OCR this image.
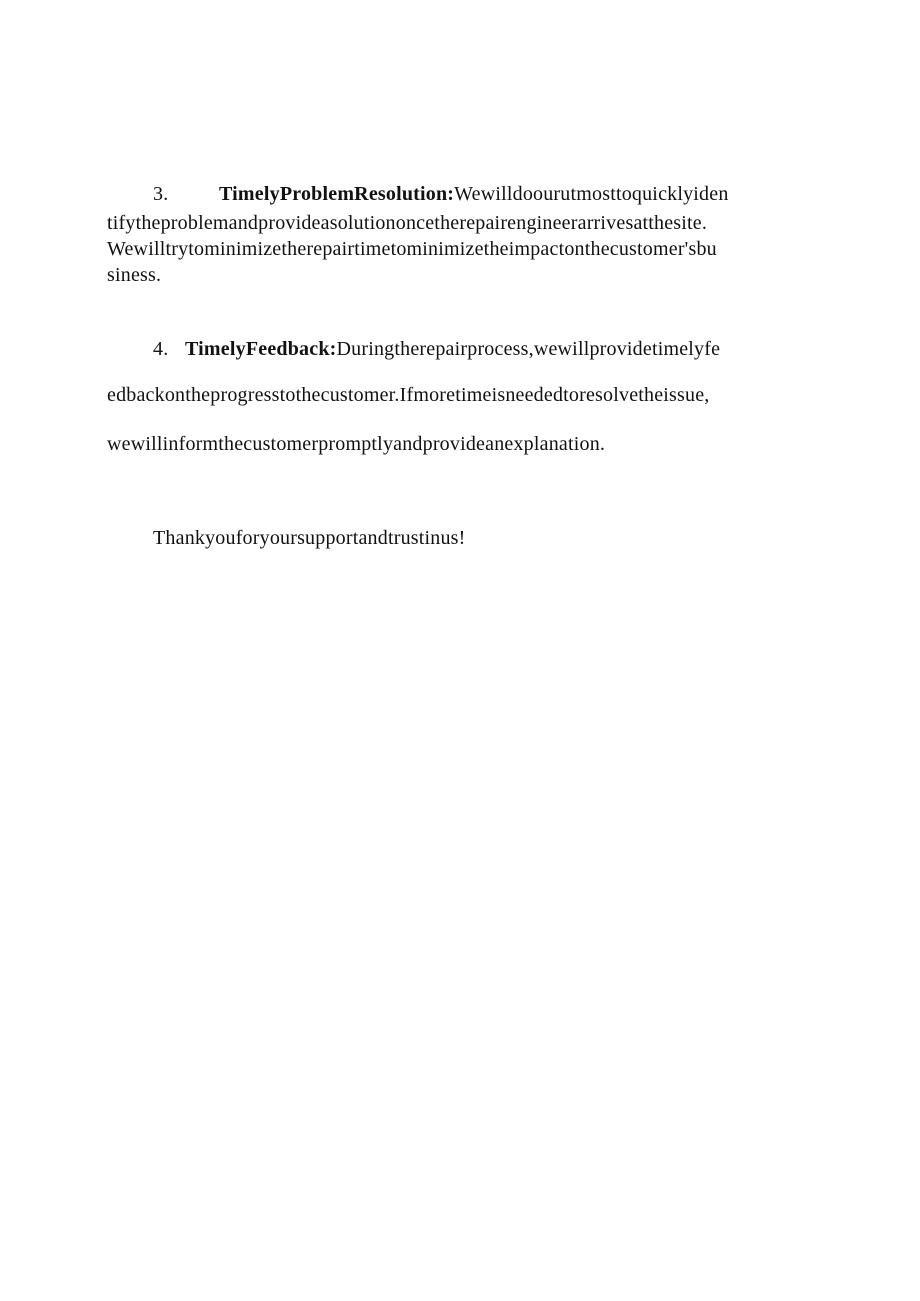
3.	TimelyProblemResolution:Wewilldoourutmosttoquicklyiden
tifytheproblemandprovideasolutiononcetherepairengineerarrivesatthesite.
Wewilltrytominimizetherepairtimetominimizetheimpactonthecustomer'sbu
siness.
4. TimelyFeedback:Duringtherepairprocess,wewillprovidetimelyfe
edbackontheprogresstothecustomer.Ifmoretimeisneededtoresolvetheissue,
wewillinformthecustomerpromptlyandprovideanexplanation.
Thankyouforyoursupportandtrustinus!
